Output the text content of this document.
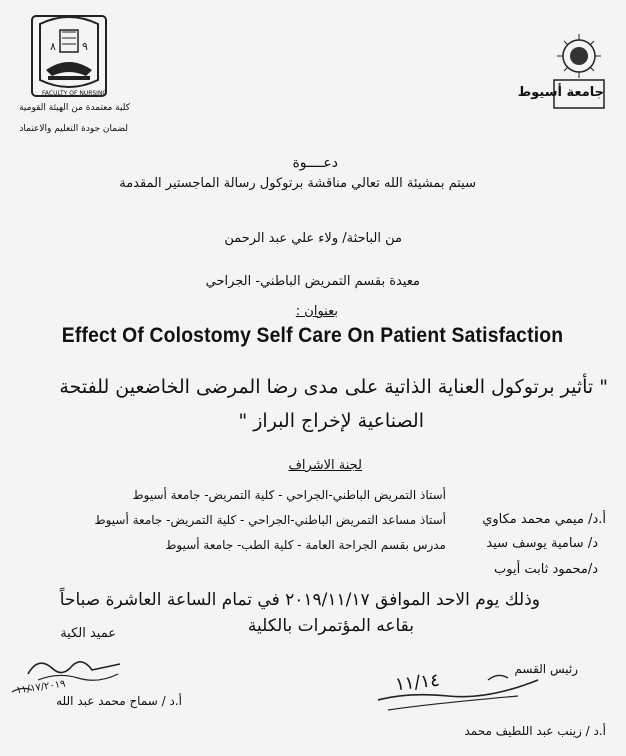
٨ ٩
FACULTY OF NURSING
كلية معتمدة من الهيئة القومية
لضمان جودة التعليم والاعتماد
جامعة أسيوط
دعــــوة
سيتم بمشيئة الله تعالي مناقشة برتوكول رسالة الماجستير المقدمة
من الباحثة/ ولاء علي عبد الرحمن
معيدة بقسم التمريض الباطني- الجراحي
بعنوان :
Effect Of Colostomy Self Care On Patient Satisfaction
" تأثير برتوكول العناية الذاتية على مدى رضا المرضى الخاضعين للفتحة
الصناعية لإخراج البراز "
لجنة الاشراف
أستاذ التمريض الباطني-الجراحي - كلية التمريض- جامعة أسيوط
أ.د/ ميمي محمد مكاوي
أستاذ مساعد التمريض الباطني-الجراحي - كلية التمريض- جامعة أسيوط
د/ سامية يوسف سيد
مدرس بقسم الجراحة العامة - كلية الطب- جامعة أسيوط
د/محمود ثابت أيوب
وذلك يوم الاحد الموافق ٢٠١٩/١١/١٧ في تمام الساعة العاشرة صباحاً
بقاعه المؤتمرات بالكلية
عميد الكية
١١/١٧/٢٠١٩
أ.د / سماح محمد عبد الله
رئيس القسم
١١/١٤
أ.د / زينب عبد اللطيف محمد
